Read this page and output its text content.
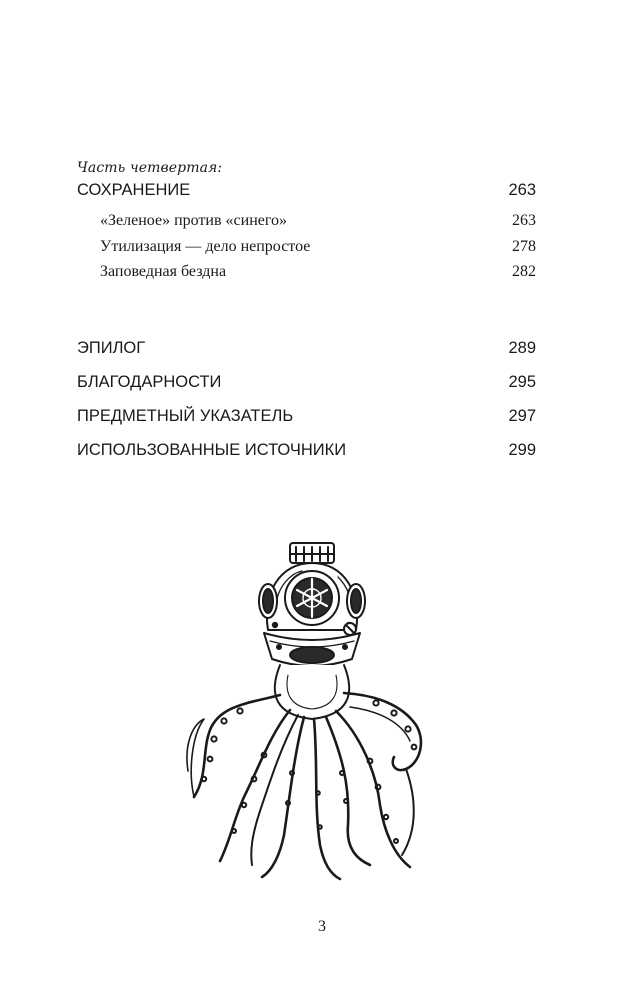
Часть четвертая:
СОХРАНЕНИЕ	263
«Зеленое» против «синего»	263
Утилизация — дело непростое	278
Заповедная бездна	282
ЭПИЛОГ	289
БЛАГОДАРНОСТИ	295
ПРЕДМЕТНЫЙ УКАЗАТЕЛЬ	297
ИСПОЛЬЗОВАННЫЕ ИСТОЧНИКИ	299
3
